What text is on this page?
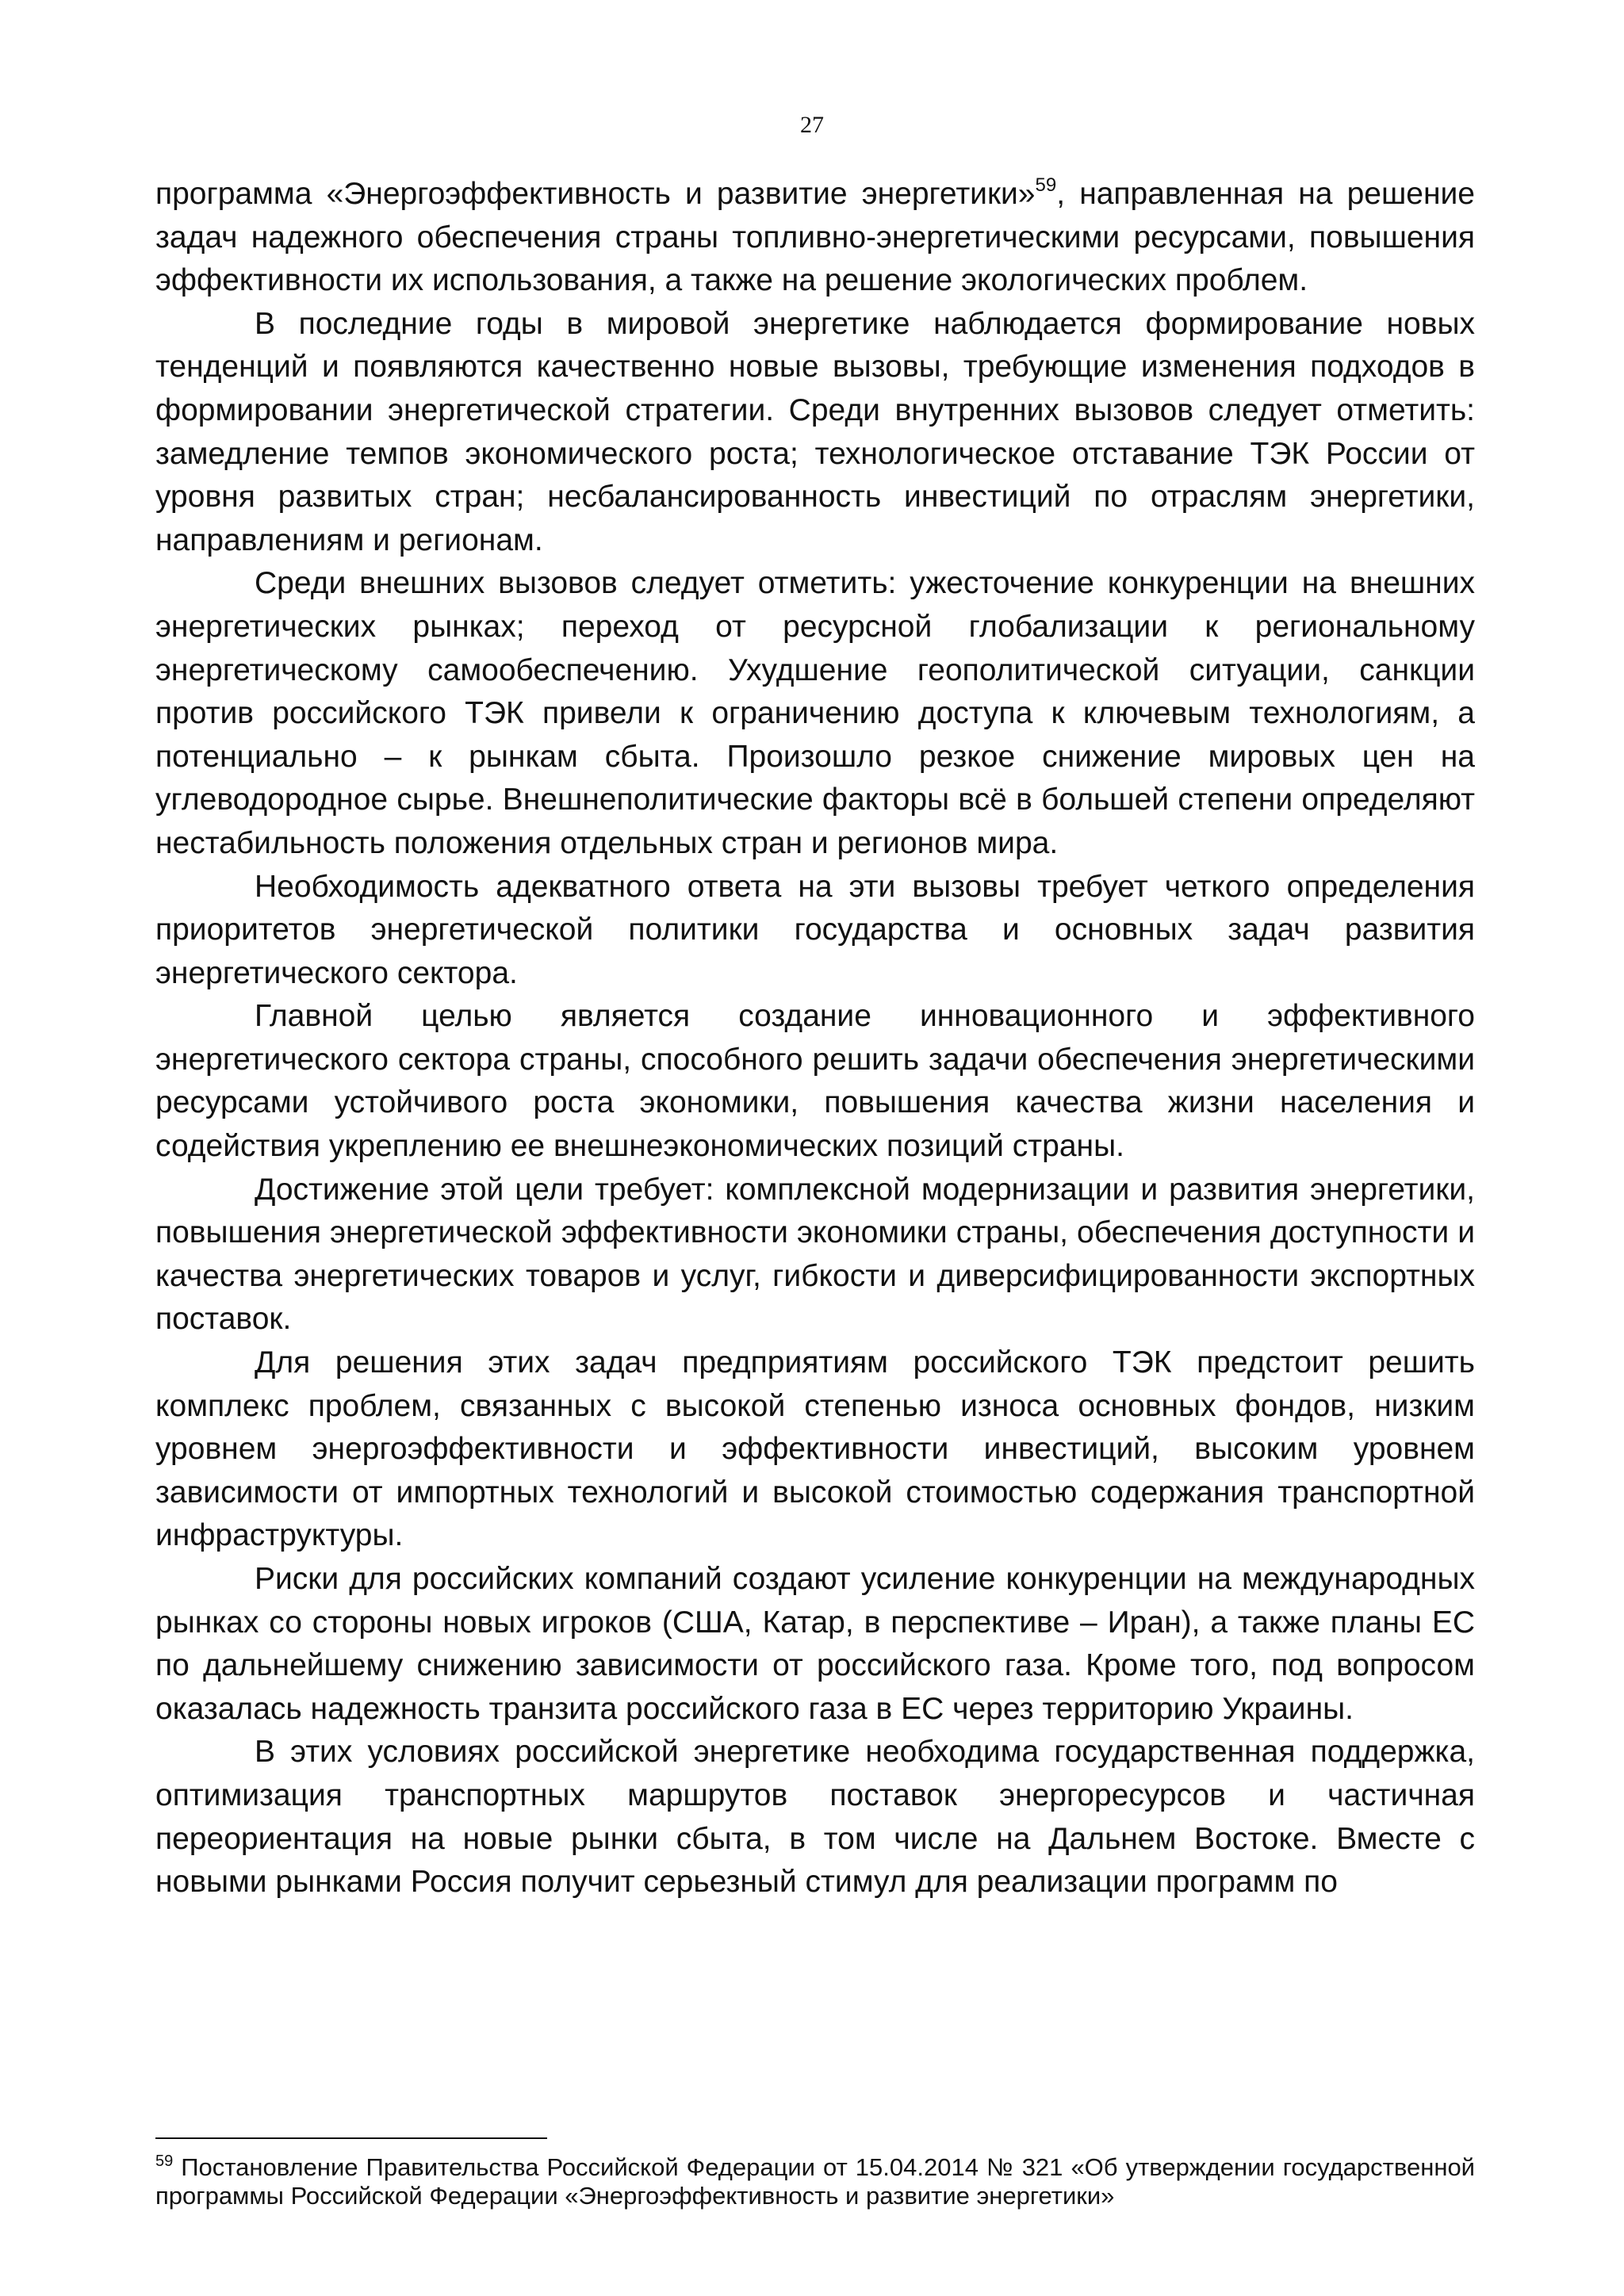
27

программа «Энергоэффективность и развитие энергетики»$^{59}$, направленная на решение задач надежного обеспечения страны топливно-энергетическими ресурсами, повышения эффективности их использования, а также на решение экологических проблем.

В последние годы в мировой энергетике наблюдается формирование новых тенденций и появляются качественно новые вызовы, требующие изменения подходов в формировании энергетической стратегии. Среди внутренних вызовов следует отметить: замедление темпов экономического роста; технологическое отставание ТЭК России от уровня развитых стран; несбалансированность инвестиций по отраслям энергетики, направлениям и регионам.

Среди внешних вызовов следует отметить: ужесточение конкуренции на внешних энергетических рынках; переход от ресурсной глобализации к региональному энергетическому самообеспечению. Ухудшение геополитической ситуации, санкции против российского ТЭК привели к ограничению доступа к ключевым технологиям, а потенциально – к рынкам сбыта. Произошло резкое снижение мировых цен на углеводородное сырье. Внешнеполитические факторы всё в большей степени определяют нестабильность положения отдельных стран и регионов мира.

Необходимость адекватного ответа на эти вызовы требует четкого определения приоритетов энергетической политики государства и основных задач развития энергетического сектора.

Главной целью является создание инновационного и эффективного энергетического сектора страны, способного решить задачи обеспечения энергетическими ресурсами устойчивого роста экономики, повышения качества жизни населения и содействия укреплению ее внешнеэкономических позиций страны.

Достижение этой цели требует: комплексной модернизации и развития энергетики, повышения энергетической эффективности экономики страны, обеспечения доступности и качества энергетических товаров и услуг, гибкости и диверсифицированности экспортных поставок.

Для решения этих задач предприятиям российского ТЭК предстоит решить комплекс проблем, связанных с высокой степенью износа основных фондов, низким уровнем энергоэффективности и эффективности инвестиций, высоким уровнем зависимости от импортных технологий и высокой стоимостью содержания транспортной инфраструктуры.

Риски для российских компаний создают усиление конкуренции на международных рынках со стороны новых игроков (США, Катар, в перспективе – Иран), а также планы ЕС по дальнейшему снижению зависимости от российского газа. Кроме того, под вопросом оказалась надежность транзита российского газа в ЕС через территорию Украины.

В этих условиях российской энергетике необходима государственная поддержка, оптимизация транспортных маршрутов поставок энергоресурсов и частичная переориентация на новые рынки сбыта, в том числе на Дальнем Востоке. Вместе с новыми рынками Россия получит серьезный стимул для реализации программ по

$^{59}$ Постановление Правительства Российской Федерации от 15.04.2014 № 321 «Об утверждении государственной программы Российской Федерации «Энергоэффективность и развитие энергетики»
